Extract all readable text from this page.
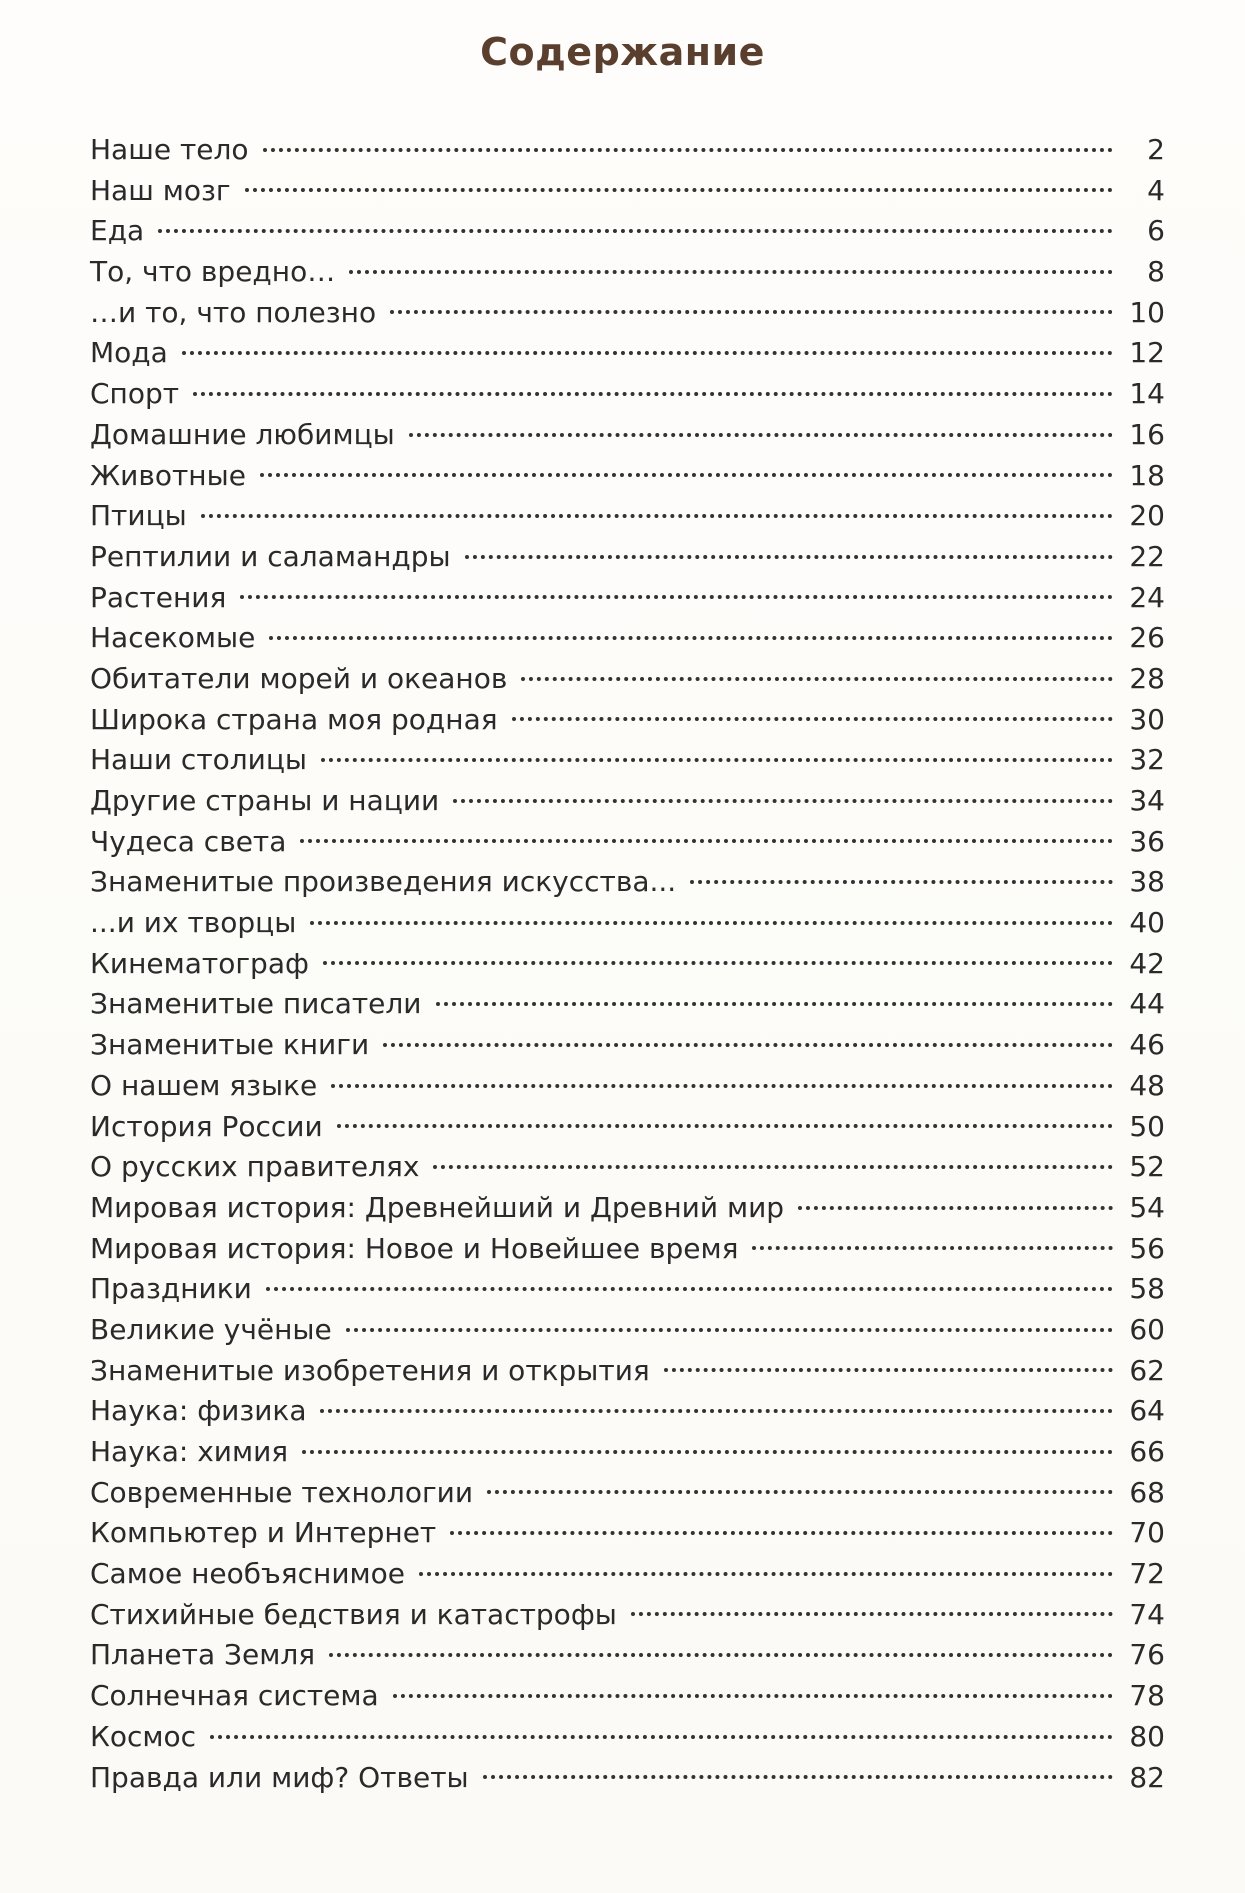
Содержание
Наше тело	2
Наш мозг	4
Еда	6
То, что вредно…	8
…и то, что полезно	10
Мода	12
Спорт	14
Домашние любимцы	16
Животные	18
Птицы	20
Рептилии и саламандры	22
Растения	24
Насекомые	26
Обитатели морей и океанов	28
Широка страна моя родная	30
Наши столицы	32
Другие страны и нации	34
Чудеса света	36
Знаменитые произведения искусства...	38
...и их творцы	40
Кинематограф	42
Знаменитые писатели	44
Знаменитые книги	46
О нашем языке	48
История России	50
О русских правителях	52
Мировая история: Древнейший и Древний мир	54
Мировая история: Новое и Новейшее время	56
Праздники	58
Великие учёные	60
Знаменитые изобретения и открытия	62
Наука: физика	64
Наука: химия	66
Современные технологии	68
Компьютер и Интернет	70
Самое необъяснимое	72
Стихийные бедствия и катастрофы	74
Планета Земля	76
Солнечная система	78
Космос	80
Правда или миф? Ответы	82
